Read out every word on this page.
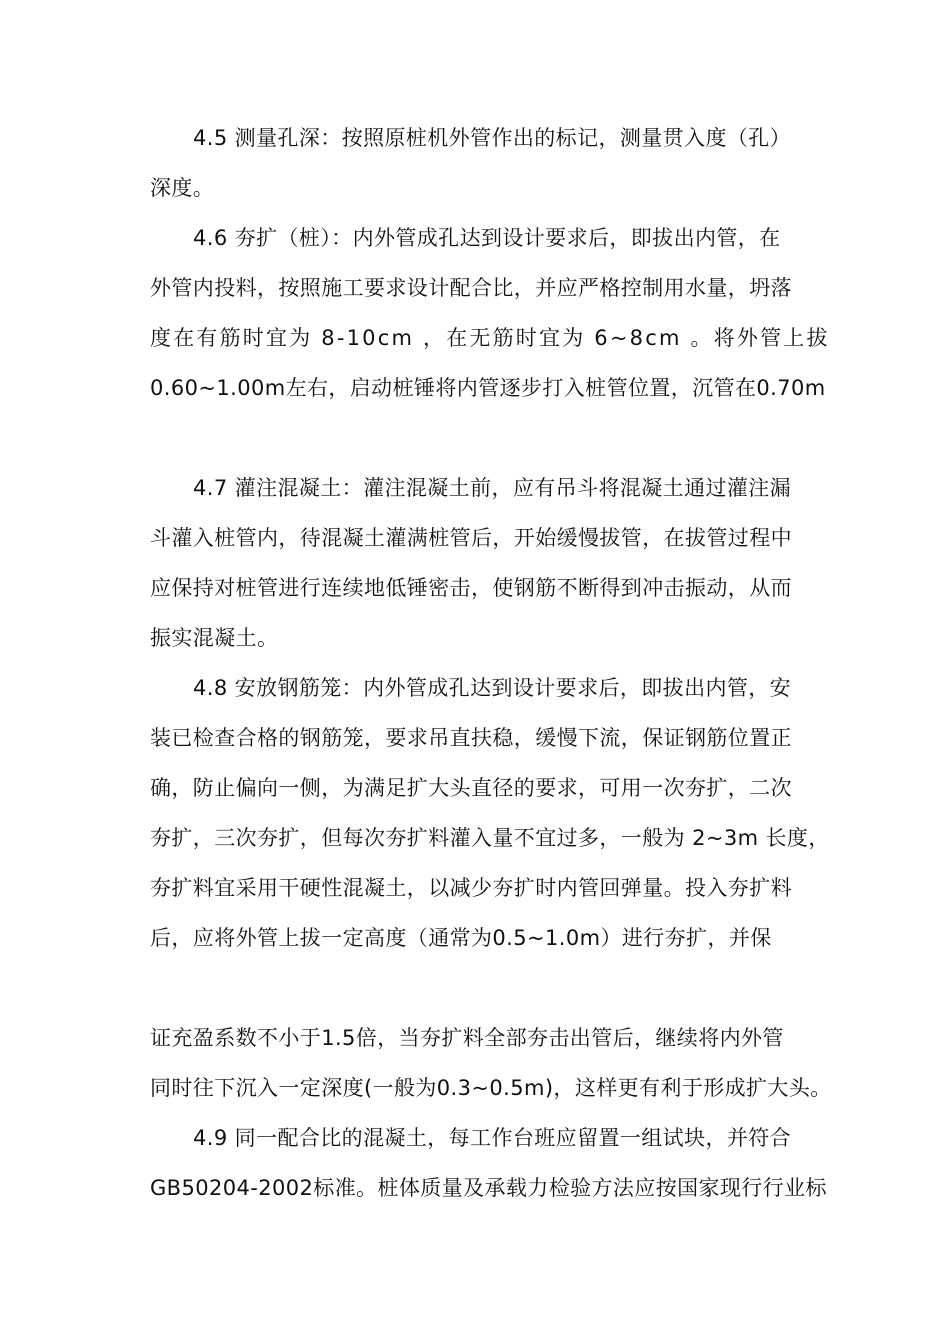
4.5 测量孔深：按照原桩机外管作出的标记，测量贯入度（孔）
深度。
4.6 夯扩（桩）：内外管成孔达到设计要求后，即拔出内管，在
外管内投料，按照施工要求设计配合比，并应严格控制用水量，坍落
度在有筋时宜为 8-10cm ，在无筋时宜为 6~8cm 。将外管上拔
0.60~1.00m左右，启动桩锤将内管逐步打入桩管位置，沉管在0.70m
4.7 灌注混凝土：灌注混凝土前，应有吊斗将混凝土通过灌注漏
斗灌入桩管内，待混凝土灌满桩管后，开始缓慢拔管，在拔管过程中
应保持对桩管进行连续地低锤密击，使钢筋不断得到冲击振动，从而
振实混凝土。
4.8 安放钢筋笼：内外管成孔达到设计要求后，即拔出内管，安
装已检查合格的钢筋笼，要求吊直扶稳，缓慢下流，保证钢筋位置正
确，防止偏向一侧，为满足扩大头直径的要求，可用一次夯扩，二次
夯扩，三次夯扩，但每次夯扩料灌入量不宜过多，一般为 2~3m 长度，
夯扩料宜采用干硬性混凝土，以减少夯扩时内管回弹量。投入夯扩料
后，应将外管上拔一定高度（通常为0.5~1.0m）进行夯扩，并保
证充盈系数不小于1.5倍，当夯扩料全部夯击出管后，继续将内外管
同时往下沉入一定深度(一般为0.3~0.5m)，这样更有利于形成扩大头。
4.9 同一配合比的混凝土，每工作台班应留置一组试块，并符合
GB50204-2002标准。桩体质量及承载力检验方法应按国家现行行业标
